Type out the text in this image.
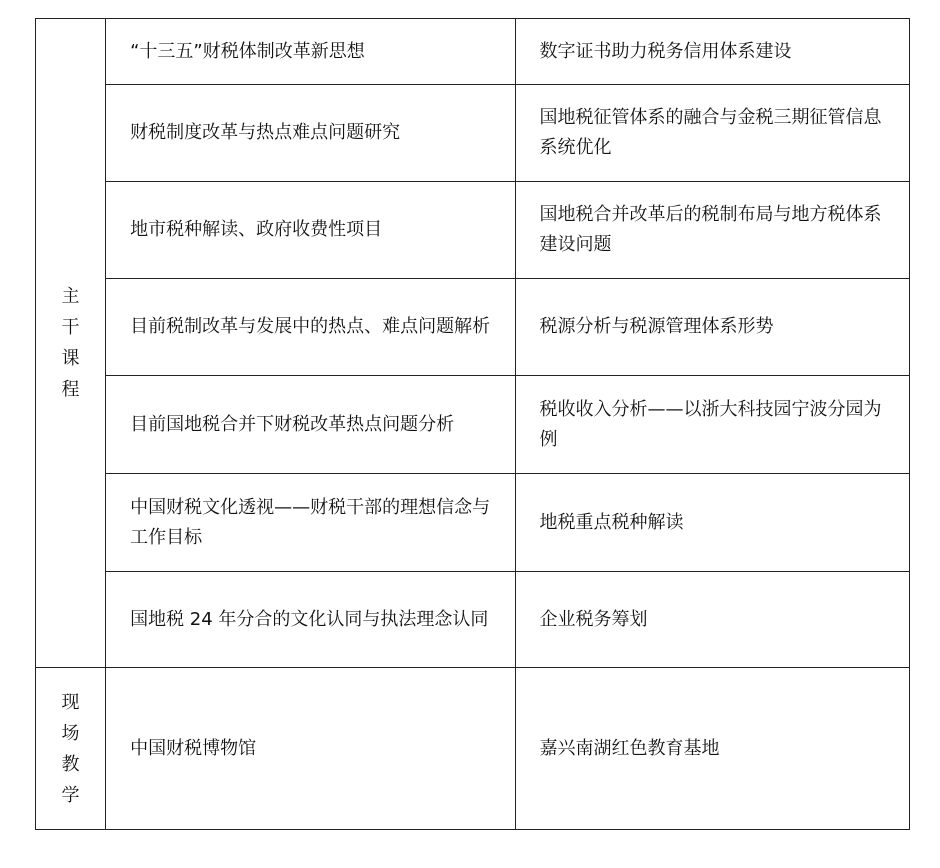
主干课程	“十三五”财税体制改革新思想	数字证书助力税务信用体系建设

	财税制度改革与热点难点问题研究	国地税征管体系的融合与金税三期征管信息系统优化

	地市税种解读、政府收费性项目	国地税合并改革后的税制布局与地方税体系建设问题

	目前税制改革与发展中的热点、难点问题解析	税源分析与税源管理体系形势

	目前国地税合并下财税改革热点问题分析	税收收入分析——以浙大科技园宁波分园为例

	中国财税文化透视——财税干部的理想信念与工作目标	地税重点税种解读

	国地税 24 年分合的文化认同与执法理念认同	企业税务筹划

现场教学	中国财税博物馆	嘉兴南湖红色教育基地
